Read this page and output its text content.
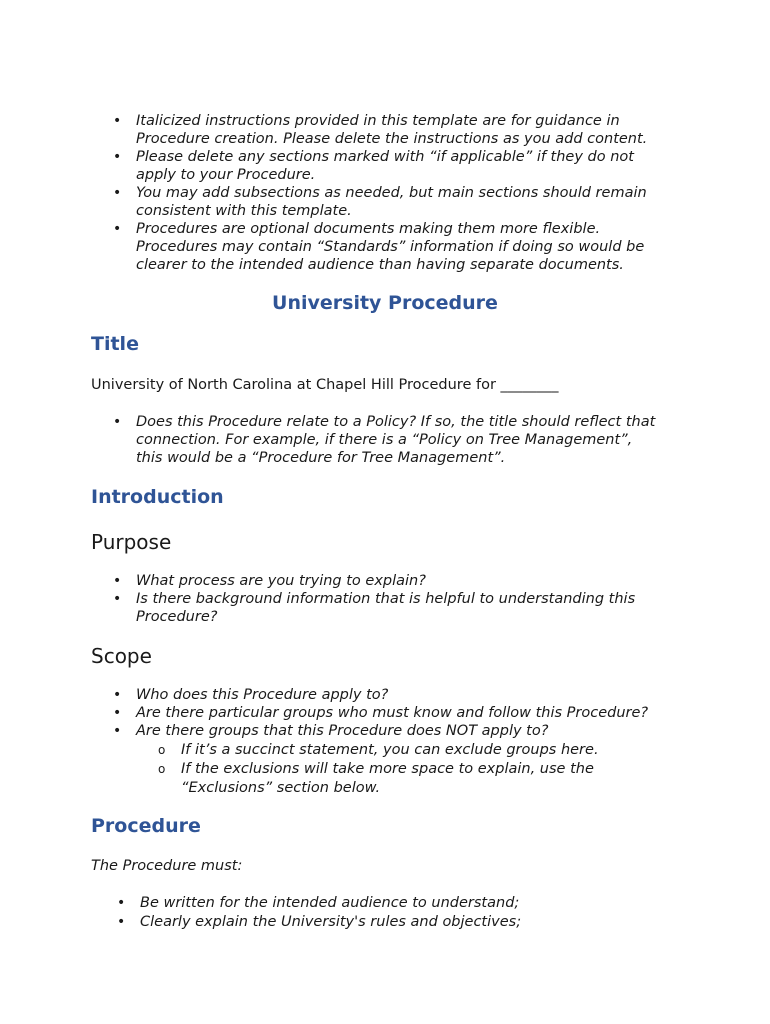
• Italicized instructions provided in this template are for guidance in
Procedure creation. Please delete the instructions as you add content.
• Please delete any sections marked with “if applicable” if they do not
apply to your Procedure.
• You may add subsections as needed, but main sections should remain
consistent with this template.
• Procedures are optional documents making them more flexible.
Procedures may contain “Standards” information if doing so would be
clearer to the intended audience than having separate documents.
University Procedure
Title
University of North Carolina at Chapel Hill Procedure for ________
• Does this Procedure relate to a Policy? If so, the title should reflect that
connection. For example, if there is a “Policy on Tree Management”,
this would be a “Procedure for Tree Management”.
Introduction
Purpose
• What process are you trying to explain?
• Is there background information that is helpful to understanding this
Procedure?
Scope
• Who does this Procedure apply to?
• Are there particular groups who must know and follow this Procedure?
• Are there groups that this Procedure does NOT apply to?
o If it’s a succinct statement, you can exclude groups here.
o If the exclusions will take more space to explain, use the
“Exclusions” section below.
Procedure
The Procedure must:
• Be written for the intended audience to understand;
• Clearly explain the University's rules and objectives;
